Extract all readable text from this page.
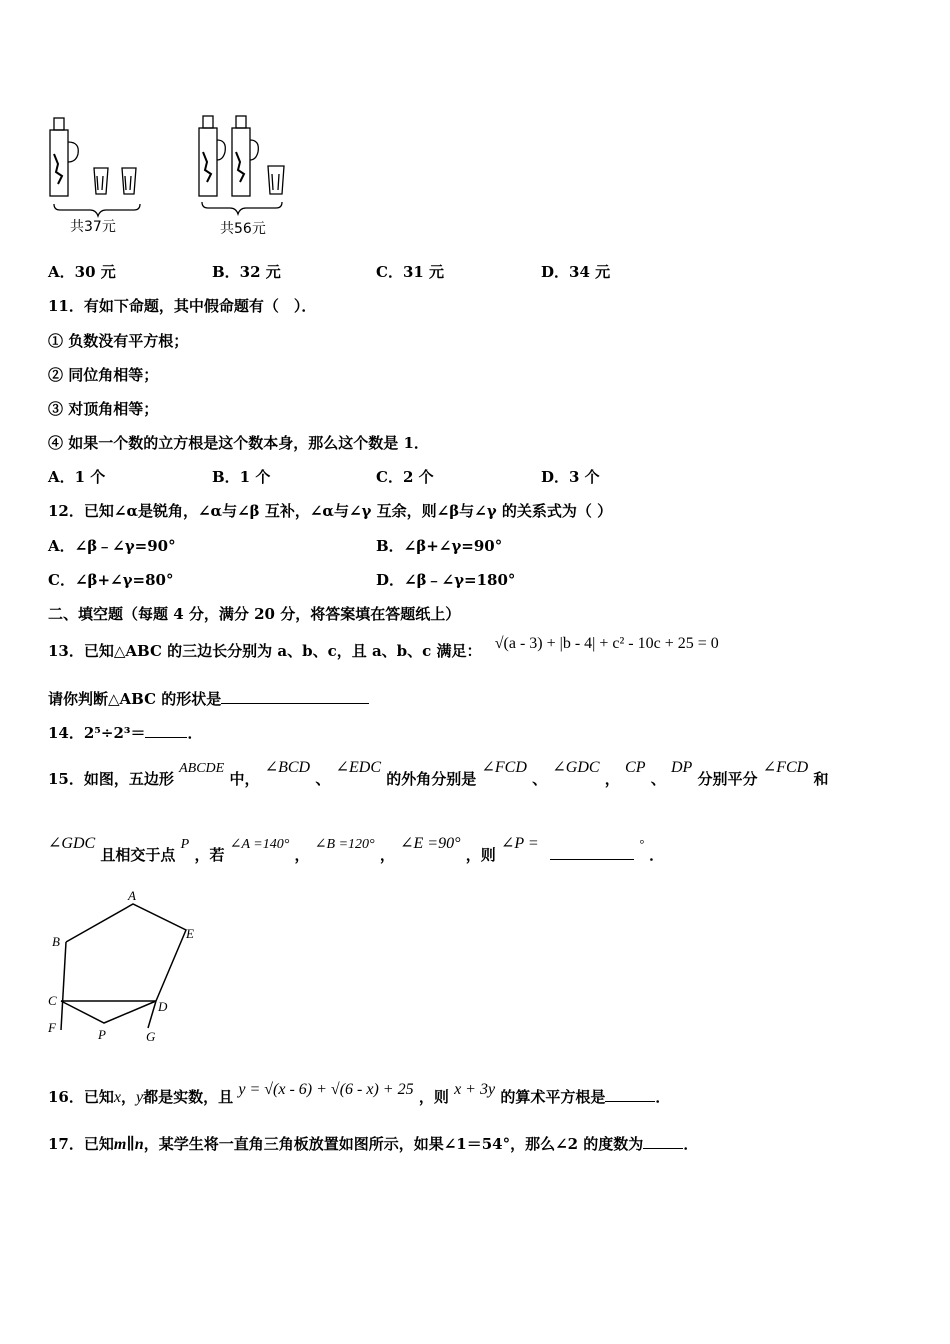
共37元	共56元
A．30 元	B．32 元	C．31 元	D．34 元
11．有如下命题，其中假命题有（　）．
① 负数没有平方根；
② 同位角相等；
③ 对顶角相等；
④ 如果一个数的立方根是这个数本身，那么这个数是 1．
A．1 个	B．1 个	C．2 个	D．3 个
12．已知∠α是锐角，∠α与∠β 互补，∠α与∠γ 互余，则∠β与∠γ 的关系式为（ ）
A．∠β﹣∠γ=90°	B．∠β+∠γ=90°
C．∠β+∠γ=80°	D．∠β﹣∠γ=180°
二、填空题（每题 4 分，满分 20 分，将答案填在答题纸上）
13．已知△ABC 的三边长分别为 a、b、c，且 a、b、c 满足： √(a - 3) + |b - 4| + c² - 10c + 25 = 0
请你判断△ABC 的形状是
14．2⁵÷2³＝	．
15．如图，五边形 ABCDE 中， ∠BCD 、 ∠EDC 的外角分别是 ∠FCD 、 ∠GDC ， CP 、 DP 分别平分 ∠FCD 和
∠GDC 且相交于点 P ，若 ∠A =140° ， ∠B =120° ， ∠E =90° ，则 ∠P =	° ．
A
B
E
C	D
F	P	G
16．已知x，y都是实数，且 y = √(x - 6) + √(6 - x) + 25 ，则 x + 3y 的算术平方根是	．
17．已知m∥n，某学生将一直角三角板放置如图所示，如果∠1＝54°，那么∠2 的度数为	．
